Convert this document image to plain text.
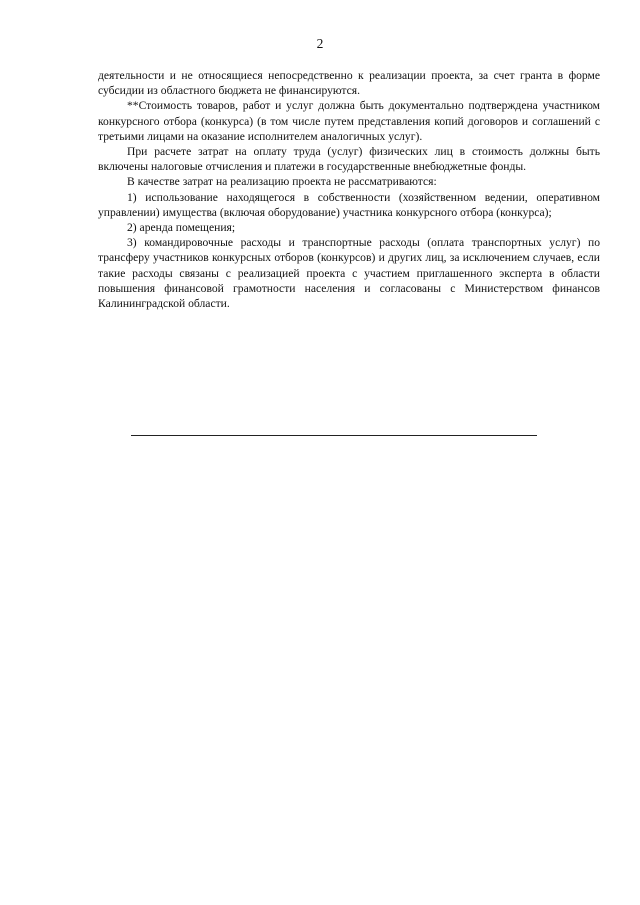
2

деятельности и не относящиеся непосредственно к реализации проекта, за счет гранта в форме субсидии из областного бюджета не финансируются.

**Стоимость товаров, работ и услуг должна быть документально подтверждена участником конкурсного отбора (конкурса) (в том числе путем представления копий договоров и соглашений с третьими лицами на оказание исполнителем аналогичных услуг).

При расчете затрат на оплату труда (услуг) физических лиц в стоимость должны быть включены налоговые отчисления и платежи в государственные внебюджетные фонды.

В качестве затрат на реализацию проекта не рассматриваются:

1) использование находящегося в собственности (хозяйственном ведении, оперативном управлении) имущества (включая оборудование) участника конкурсного отбора (конкурса);

2) аренда помещения;

3) командировочные расходы и транспортные расходы (оплата транспортных услуг) по трансферу участников конкурсных отборов (конкурсов) и других лиц, за исключением случаев, если такие расходы связаны с реализацией проекта с участием приглашенного эксперта в области повышения финансовой грамотности населения и согласованы с Министерством финансов Калининградской области.
